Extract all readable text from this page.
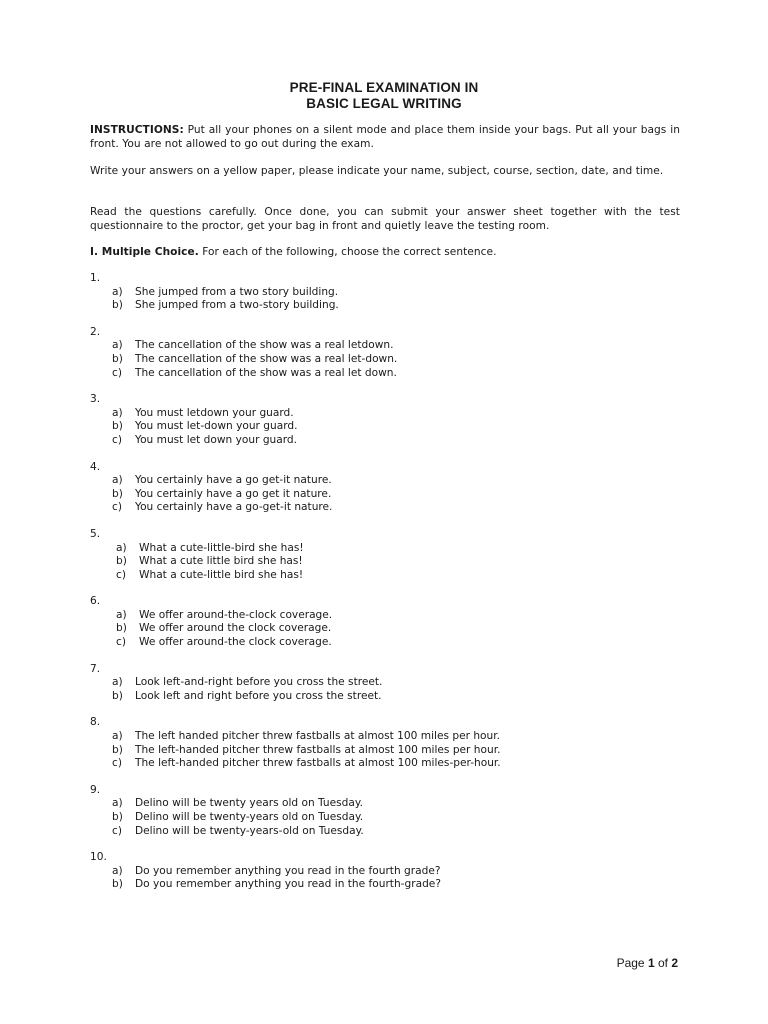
PRE-FINAL EXAMINATION IN
BASIC LEGAL WRITING
INSTRUCTIONS: Put all your phones on a silent mode and place them inside your bags. Put all your bags in front. You are not allowed to go out during the exam.
Write your answers on a yellow paper, please indicate your name, subject, course, section, date, and time.
Read the questions carefully. Once done, you can submit your answer sheet together with the test questionnaire to the proctor, get your bag in front and quietly leave the testing room.
I. Multiple Choice. For each of the following, choose the correct sentence.
1.
a)	She jumped from a two story building.
b)	She jumped from a two-story building.
2.
a)	The cancellation of the show was a real letdown.
b)	The cancellation of the show was a real let-down.
c)	The cancellation of the show was a real let down.
3.
a)	You must letdown your guard.
b)	You must let-down your guard.
c)	You must let down your guard.
4.
a)	You certainly have a go get-it nature.
b)	You certainly have a go get it nature.
c)	You certainly have a go-get-it nature.
5.
a)	What a cute-little-bird she has!
b)	What a cute little bird she has!
c)	What a cute-little bird she has!
6.
a)	We offer around-the-clock coverage.
b)	We offer around the clock coverage.
c)	We offer around-the clock coverage.
7.
a)	Look left-and-right before you cross the street.
b)	Look left and right before you cross the street.
8.
a)	The left handed pitcher threw fastballs at almost 100 miles per hour.
b)	The left-handed pitcher threw fastballs at almost 100 miles per hour.
c)	The left-handed pitcher threw fastballs at almost 100 miles-per-hour.
9.
a)	Delino will be twenty years old on Tuesday.
b)	Delino will be twenty-years old on Tuesday.
c)	Delino will be twenty-years-old on Tuesday.
10.
a)	Do you remember anything you read in the fourth grade?
b)	Do you remember anything you read in the fourth-grade?
Page 1 of 2
